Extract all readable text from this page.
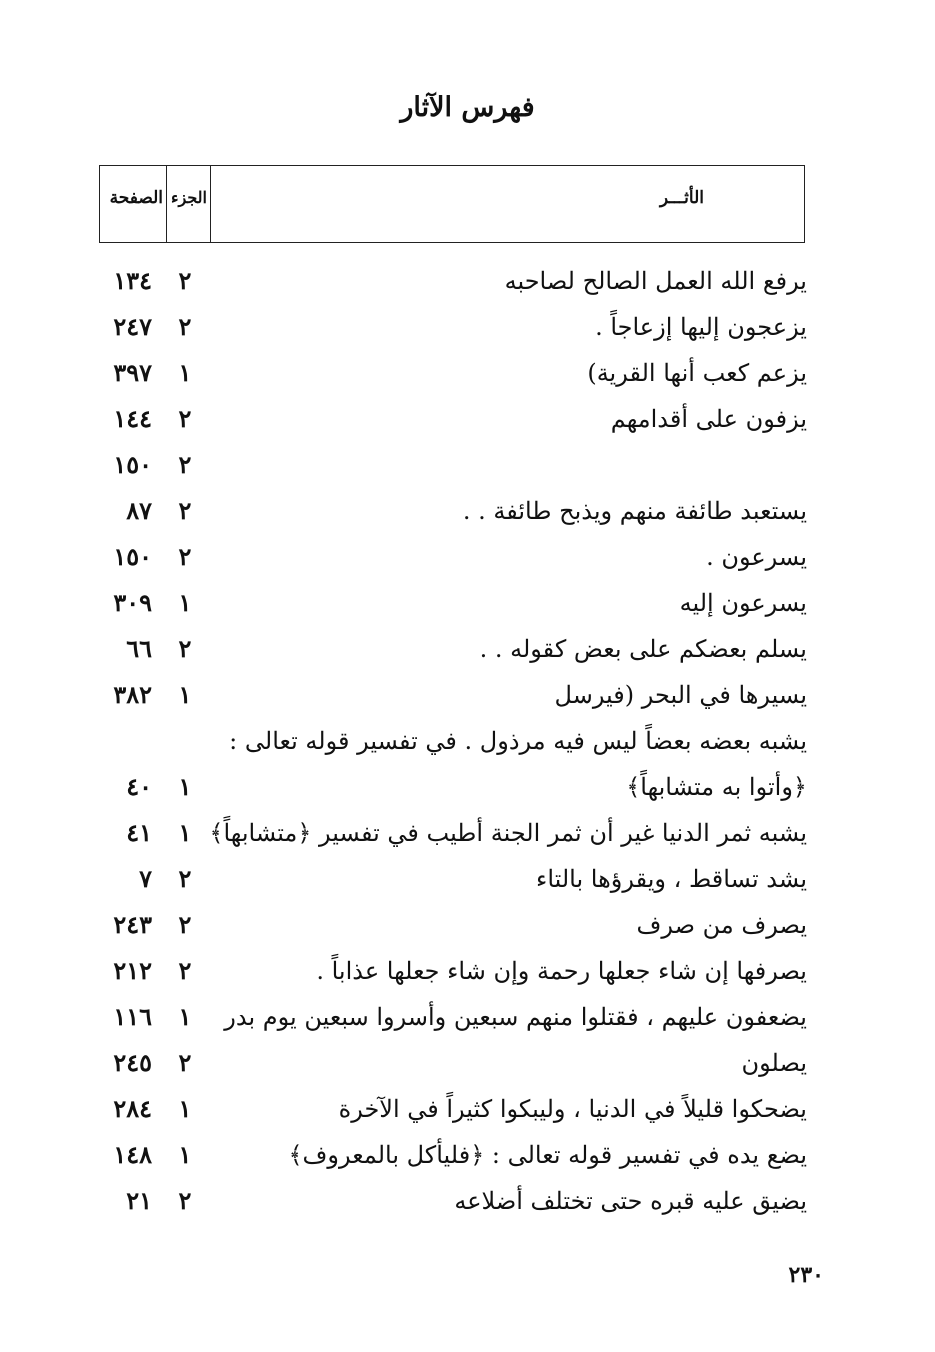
فهرس الآثار
الصفحة الجزء	الأثـــر
يرفع الله العمل الصالح لصاحبه
٢
١٣٤
يزعجون إليها إزعاجاً .
٢
٢٤٧
يزعم كعب أنها القرية)
١
٣٩٧
يزفون على أقدامهم
٢
١٤٤
٢
١٥٠
يستعبد طائفة منهم ويذبح طائفة . .
٢
٨٧
يسرعون .
٢
١٥٠
يسرعون إليه
١
٣٠٩
يسلم بعضكم على بعض كقوله . .
٢
٦٦
يسيرها في البحر (فيرسل
١
٣٨٢
يشبه بعضه بعضاً ليس فيه مرذول . في تفسير قوله تعالى :
﴿وأتوا به متشابهاً﴾
١
٤٠
يشبه ثمر الدنيا غير أن ثمر الجنة أطيب في تفسير ﴿متشابهاً﴾
١
٤١
يشد تساقط ، ويقرؤها بالتاء
٢
٧
يصرف من صرف
٢
٢٤٣
يصرفها إن شاء جعلها رحمة وإن شاء جعلها عذاباً .
٢
٢١٢
يضعفون عليهم ، فقتلوا منهم سبعين وأسروا سبعين يوم بدر
١
١١٦
يصلون
٢
٢٤٥
يضحكوا قليلاً في الدنيا ، وليبكوا كثيراً في الآخرة
١
٢٨٤
يضع يده في تفسير قوله تعالى : ﴿فليأكل بالمعروف﴾
١
١٤٨
يضيق عليه قبره حتى تختلف أضلاعه
٢
٢١
٢٣٠
